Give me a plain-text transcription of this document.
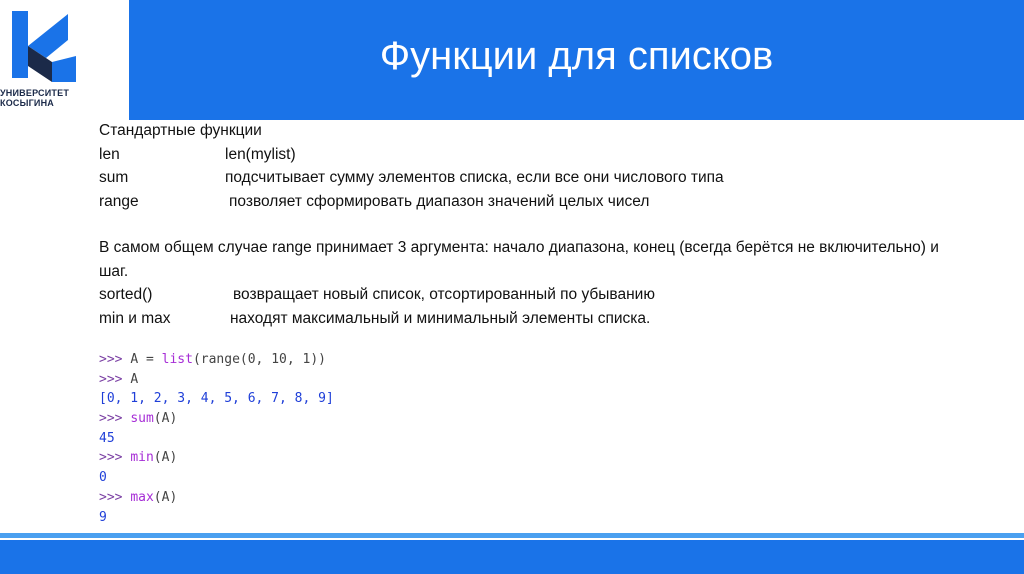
УНИВЕРСИТЕТ
КОСЫГИНА
Функции для списков
Стандартные функции
len	len(mylist)
sum	подсчитывает сумму элементов списка, если все они числового типа
range	позволяет сформировать диапазон значений целых чисел
В самом общем случае range принимает 3 аргумента: начало диапазона, конец (всегда берётся не включительно) и шаг.
sorted()	возвращает новый список, отсортированный по убыванию
min и max	находят максимальный и минимальный элементы списка.
>>> A = list(range(0, 10, 1))
>>> A
[0, 1, 2, 3, 4, 5, 6, 7, 8, 9]
>>> sum(A)
45
>>> min(A)
0
>>> max(A)
9
